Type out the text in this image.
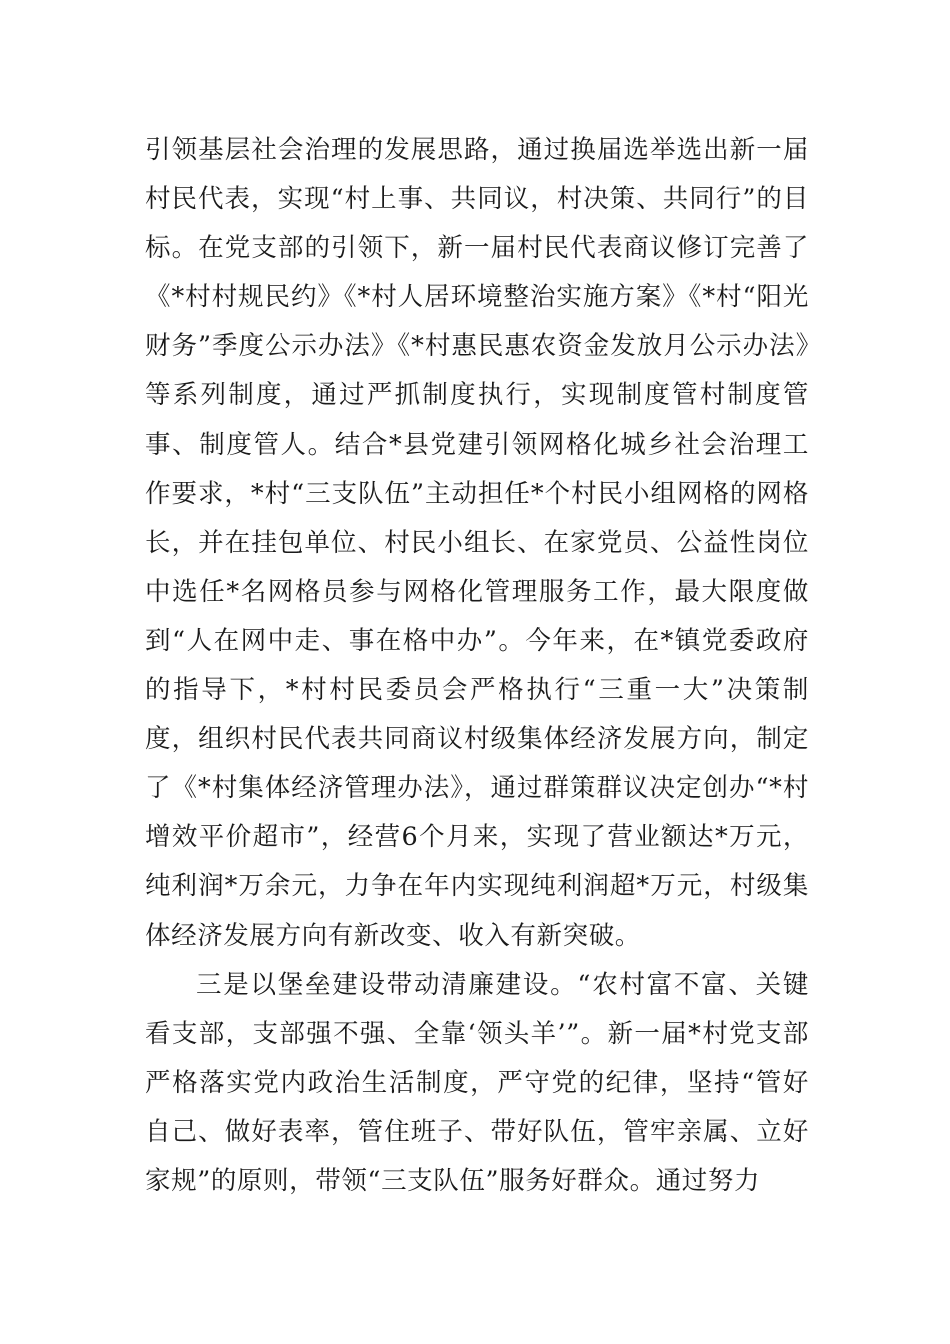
引领基层社会治理的发展思路，通过换届选举选出新一届村民代表，实现“村上事、共同议，村决策、共同行”的目标。在党支部的引领下，新一届村民代表商议修订完善了《*村村规民约》《*村人居环境整治实施方案》《*村“阳光财务”季度公示办法》《*村惠民惠农资金发放月公示办法》等系列制度，通过严抓制度执行，实现制度管村制度管事、制度管人。结合*县党建引领网格化城乡社会治理工作要求，*村“三支队伍”主动担任*个村民小组网格的网格长，并在挂包单位、村民小组长、在家党员、公益性岗位中选任*名网格员参与网格化管理服务工作，最大限度做到“人在网中走、事在格中办”。今年来，在*镇党委政府的指导下，*村村民委员会严格执行“三重一大”决策制度，组织村民代表共同商议村级集体经济发展方向，制定了《*村集体经济管理办法》，通过群策群议决定创办“*村增效平价超市”，经营6个月来，实现了营业额达*万元，纯利润*万余元，力争在年内实现纯利润超*万元，村级集体经济发展方向有新改变、收入有新突破。

三是以堡垒建设带动清廉建设。“农村富不富、关键看支部，支部强不强、全靠‘领头羊’”。新一届*村党支部严格落实党内政治生活制度，严守党的纪律，坚持“管好自己、做好表率，管住班子、带好队伍，管牢亲属、立好家规”的原则，带领“三支队伍”服务好群众。通过努力
